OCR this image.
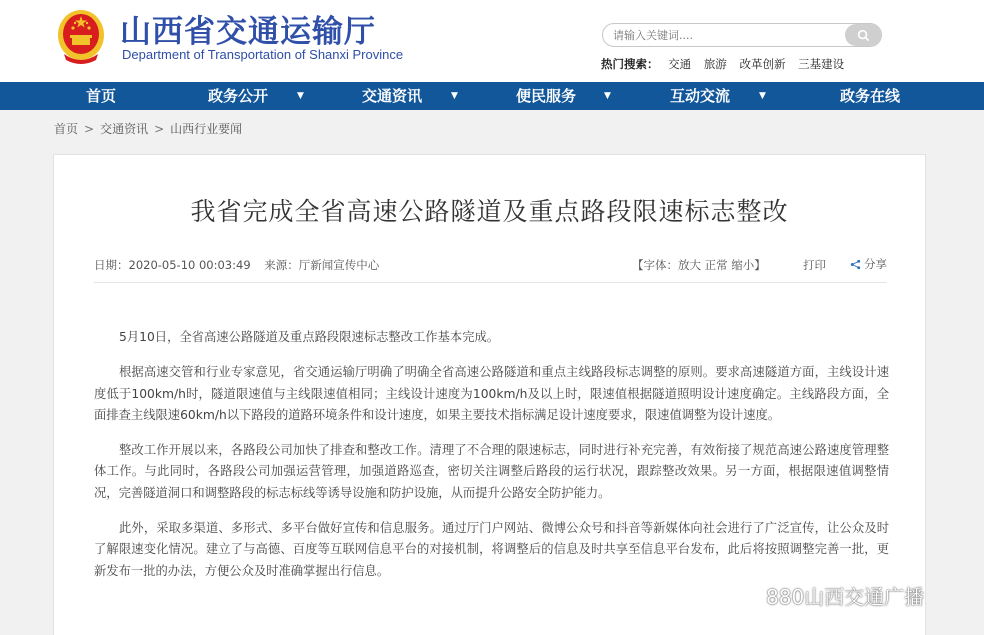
山西省交通运输厅
Department of Transportation of Shanxi Province
请输入关键词....
热门搜索： 交通 旅游 改革创新 三基建设
首页	政务公开	▼	交通资讯	▼	便民服务	▼	互动交流	▼	政务在线
首页 > 交通资讯 > 山西行业要闻
我省完成全省高速公路隧道及重点路段限速标志整改
日期：2020-05-10 00:03:49 来源：厅新闻宣传中心	【字体：放大 正常 缩小】	打印	分享

5月10日，全省高速公路隧道及重点路段限速标志整改工作基本完成。

根据高速交管和行业专家意见，省交通运输厅明确了明确全省高速公路隧道和重点主线路段标志调整的原则。要求高速隧道方面，主线设计速度低于100km/h时，隧道限速值与主线限速值相同；主线设计速度为100km/h及以上时，限速值根据隧道照明设计速度确定。主线路段方面，全面排查主线限速60km/h以下路段的道路环境条件和设计速度，如果主要技术指标满足设计速度要求，限速值调整为设计速度。

整改工作开展以来，各路段公司加快了排查和整改工作。清理了不合理的限速标志，同时进行补充完善，有效衔接了规范高速公路速度管理整体工作。与此同时，各路段公司加强运营管理，加强道路巡查，密切关注调整后路段的运行状况，跟踪整改效果。另一方面，根据限速值调整情况，完善隧道洞口和调整路段的标志标线等诱导设施和防护设施，从而提升公路安全防护能力。

此外，采取多渠道、多形式、多平台做好宣传和信息服务。通过厅门户网站、微博公众号和抖音等新媒体向社会进行了广泛宣传，让公众及时了解限速变化情况。建立了与高德、百度等互联网信息平台的对接机制，将调整后的信息及时共享至信息平台发布，此后将按照调整完善一批，更新发布一批的办法，方便公众及时准确掌握出行信息。

880山西交通广播
